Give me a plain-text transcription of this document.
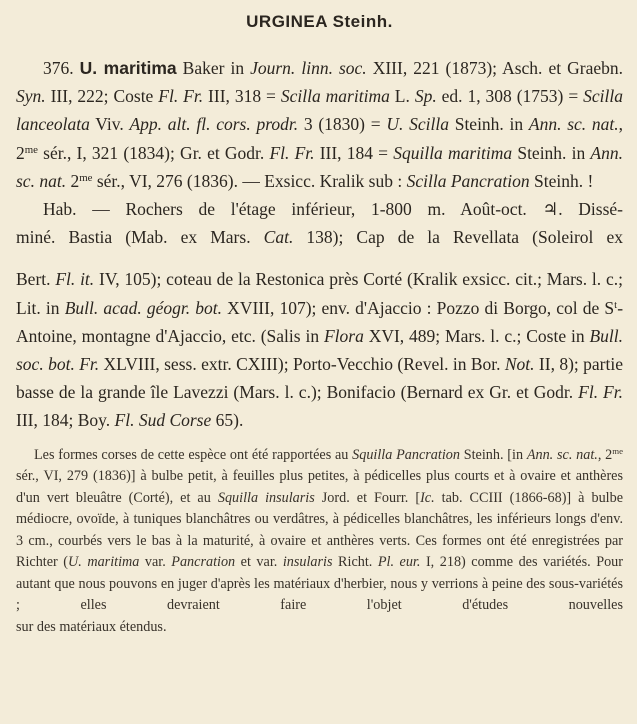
URGINEA Steinh.

376. U. maritima Baker in Journ. linn. soc. XIII, 221 (1873); Asch. et Graebn. Syn. III, 222; Coste Fl. Fr. III, 318 = Scilla maritima L. Sp. ed. 1, 308 (1753) = Scilla lanceolata Viv. App. alt. fl. cors. prodr. 3 (1830) = U. Scilla Steinh. in Ann. sc. nat., $2^{me}$ sér., I, 321 (1834); Gr. et Godr. Fl. Fr. III, 184 = Squilla maritima Steinh. in Ann. sc. nat. $2^{me}$ sér., VI, 276 (1836). — Exsicc. Kralik sub : Scilla Pancration Steinh. !

Hab. — Rochers de l'étage inférieur, 1-800 m. Août-oct. ♃. Dissé-
miné. Bastia (Mab. ex Mars. Cat. 138); Cap de la Revellata (Soleirol ex

Bert. Fl. it. IV, 105); coteau de la Restonica près Corté (Kralik exsicc. cit.; Mars. l. c.; Lit. in Bull. acad. géogr. bot. XVIII, 107); env. d'Ajaccio : Pozzo di Borgo, col de $S^t$-Antoine, montagne d'Ajaccio, etc. (Salis in Flora XVI, 489; Mars. l. c.; Coste in Bull. soc. bot. Fr. XLVIII, sess. extr. CXIII); Porto-Vecchio (Revel. in Bor. Not. II, 8); partie basse de la grande île Lavezzi (Mars. l. c.); Bonifacio (Bernard ex Gr. et Godr. Fl. Fr. III, 184; Boy. Fl. Sud Corse 65).

Les formes corses de cette espèce ont été rapportées au Squilla Pancration Steinh. [in Ann. sc. nat., $2^{me}$ sér., VI, 279 (1836)] à bulbe petit, à feuilles plus petites, à pédicelles plus courts et à ovaire et anthères d'un vert bleuâtre (Corté), et au Squilla insularis Jord. et Fourr. [Ic. tab. CCIII (1866-68)] à bulbe médiocre, ovoïde, à tuniques blanchâtres ou verdâtres, à pédicelles blanchâtres, les inférieurs longs d'env. 3 cm., courbés vers le bas à la maturité, à ovaire et anthères verts. Ces formes ont été enregistrées par Richter (U. maritima var. Pancration et var. insularis Richt. Pl. eur. I, 218) comme des variétés. Pour autant que nous pouvons en juger d'après les matériaux d'herbier, nous y verrions à peine des sous-variétés ; elles devraient faire l'objet d'études nouvelles
sur des matériaux étendus.
